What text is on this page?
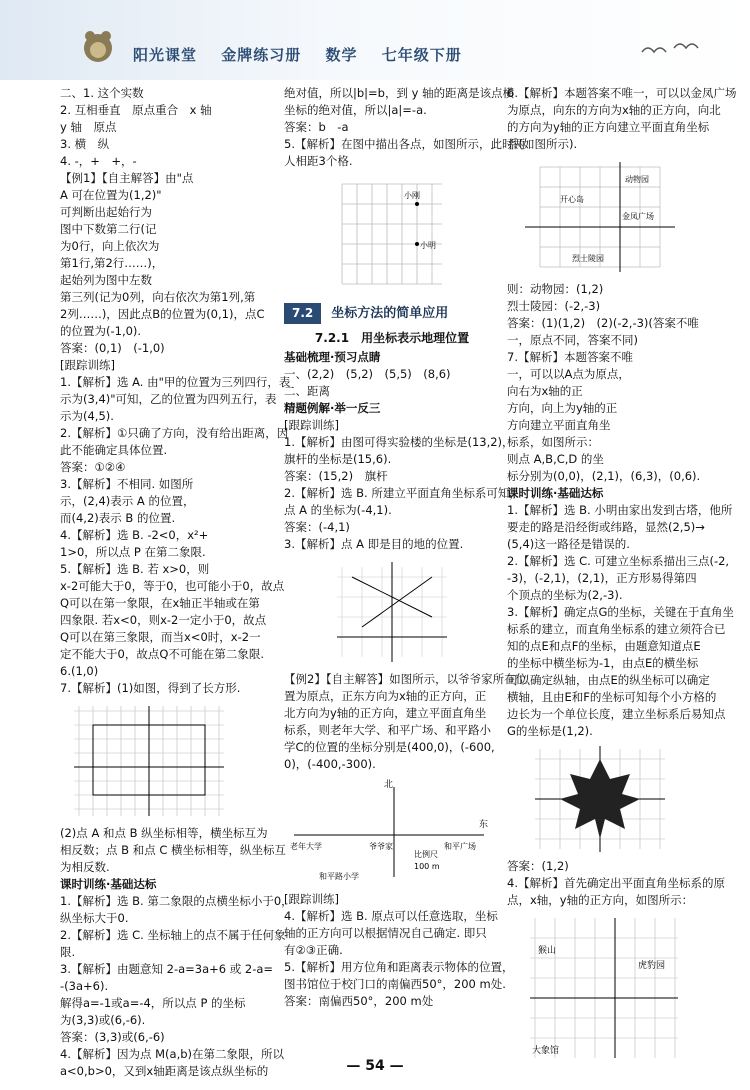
阳光课堂 金牌练习册 数学 七年级下册
二、1. 这个实数
2. 互相垂直　原点重合　x 轴
y 轴　原点
3. 横　纵
4. -，+　+，-
【例1】【自主解答】由"点
A 可在位置为(1,2)"
可判断出起始行为
图中下数第二行(记
为0行，向上依次为
第1行,第2行……)，
起始列为图中左数
第三列(记为0列，向右依次为第1列,第
2列……)，因此点B的位置为(0,1)，点C
的位置为(-1,0).
答案：(0,1)　(-1,0)
[跟踪训练]
1.【解析】选 A. 由"甲的位置为三列四行，表
示为(3,4)"可知，乙的位置为四列五行，表
示为(4,5).
2.【解析】①只确了方向，没有给出距离，因
此不能确定具体位置.
答案：①②④
3.【解析】不相同. 如图所
示，(2,4)表示 A 的位置，
而(4,2)表示 B 的位置.
4.【解析】选 B. -2<0，x²+
1>0，所以点 P 在第二象限.
5.【解析】选 B. 若 x>0，则
x-2可能大于0，等于0，也可能小于0，故点
Q可以在第一象限，在x轴正半轴或在第
四象限. 若x<0，则x-2一定小于0，故点
Q可以在第三象限，而当x<0时，x-2一
定不能大于0，故点Q不可能在第二象限.
6.(1,0)
7.【解析】(1)如图，得到了长方形.
(2)点 A 和点 B 纵坐标相等，横坐标互为
相反数；点 B 和点 C 横坐标相等，纵坐标互
为相反数.
课时训练·基础达标
1.【解析】选 B. 第二象限的点横坐标小于0，
纵坐标大于0.
2.【解析】选 C. 坐标轴上的点不属于任何象
限.
3.【解析】由题意知 2-a=3a+6 或 2-a=
-(3a+6).
解得a=-1或a=-4，所以点 P 的坐标
为(3,3)或(6,-6).
答案：(3,3)或(6,-6)
4.【解析】因为点 M(a,b)在第二象限，所以
a<0,b>0，又到x轴距离是该点纵坐标的
绝对值，所以|b|=b，到 y 轴的距离是该点横
坐标的绝对值，所以|a|=-a.
答案：b　-a
5.【解析】在图中描出各点，如图所示，此时两
人相距3个格.
小刚
小明
7.2	坐标方法的简单应用
7.2.1　用坐标表示地理位置
基础梳理·预习点睛
一、(2,2)　(5,2)　(5,5)　(8,6)
二、距离
精题例解·举一反三
[跟踪训练]
1.【解析】由图可得实验楼的坐标是(13,2)，
旗杆的坐标是(15,6).
答案：(15,2)　旗杆
2.【解析】选 B. 所建立平面直角坐标系可知，
点 A 的坐标为(-4,1).
答案：(-4,1)
3.【解析】点 A 即是目的地的位置.
【例2】【自主解答】如图所示，以爷爷家所在位
置为原点，正东方向为x轴的正方向，正
北方向为y轴的正方向，建立平面直角坐
标系，则老年大学、和平广场、和平路小
学C的位置的坐标分别是(400,0)，(-600,
0)，(-400,-300).
北
东
老年大学	爷爷家	和平广场
和平路小学
比例尺
100 m
[跟踪训练]
4.【解析】选 B. 原点可以任意选取，坐标
轴的正方向可以根据情况自己确定. 即只
有②③正确.
5.【解析】用方位角和距离表示物体的位置，
图书馆位于校门口的南偏西50°，200 m处.
答案：南偏西50°，200 m处
6.【解析】本题答案不唯一，可以以金凤广场
为原点，向东的方向为x轴的正方向，向北
的方向为y轴的正方向建立平面直角坐标
系(如图所示).
动物园
开心岛
金凤广场
烈士陵园
则：动物园：(1,2)
烈士陵园：(-2,-3)
答案：(1)(1,2)　(2)(-2,-3)(答案不唯
一，原点不同，答案不同)
7.【解析】本题答案不唯
一，可以以A点为原点，
向右为x轴的正
方向，向上为y轴的正
方向建立平面直角坐
标系，如图所示：
则点 A,B,C,D 的坐
标分别为(0,0)，(2,1)，(6,3)，(0,6).
课时训练·基础达标
1.【解析】选 B. 小明由家出发到古塔，他所
要走的路是沿经街或纬路，显然(2,5)→
(5,4)这一路径是错误的.
2.【解析】选 C. 可建立坐标系描出三点(-2,
-3)，(-2,1)，(2,1)，正方形易得第四
个顶点的坐标为(2,-3).
3.【解析】确定点G的坐标，关键在于直角坐
标系的建立，而直角坐标系的建立须符合已
知的点E和点F的坐标，由题意知道点E
的坐标中横坐标为-1，由点E的横坐标
可以确定纵轴，由点E的纵坐标可以确定
横轴，且由E和F的坐标可知每个小方格的
边长为一个单位长度，建立坐标系后易知点
G的坐标是(1,2).
答案：(1,2)
4.【解析】首先确定出平面直角坐标系的原
点，x轴，y轴的正方向，如图所示：
猴山
虎豹园
大象馆
— 54 —
